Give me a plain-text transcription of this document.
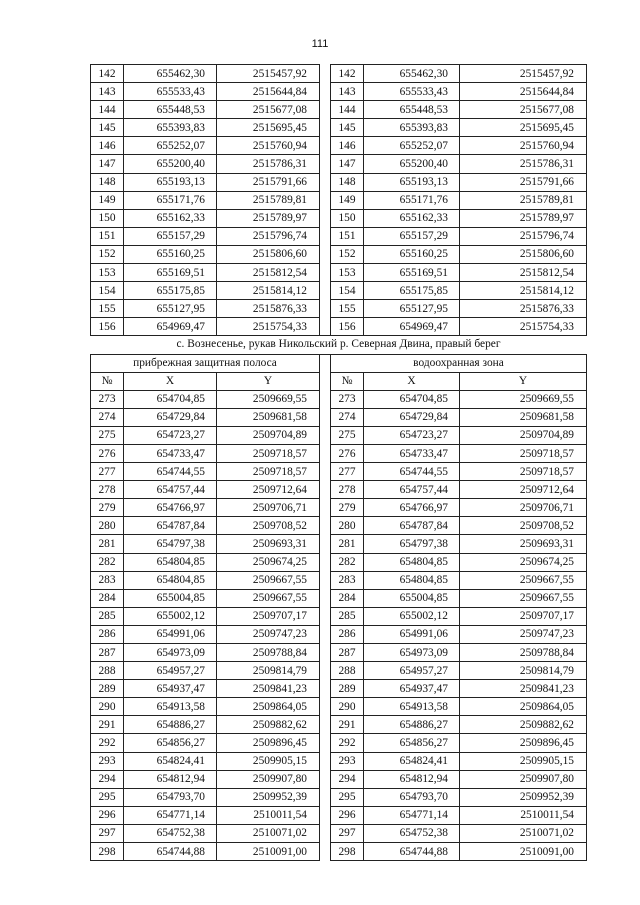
111
142	655462,30	2515457,92		142	655462,30	2515457,92
143	655533,43	2515644,84		143	655533,43	2515644,84
144	655448,53	2515677,08		144	655448,53	2515677,08
145	655393,83	2515695,45		145	655393,83	2515695,45
146	655252,07	2515760,94		146	655252,07	2515760,94
147	655200,40	2515786,31		147	655200,40	2515786,31
148	655193,13	2515791,66		148	655193,13	2515791,66
149	655171,76	2515789,81		149	655171,76	2515789,81
150	655162,33	2515789,97		150	655162,33	2515789,97
151	655157,29	2515796,74		151	655157,29	2515796,74
152	655160,25	2515806,60		152	655160,25	2515806,60
153	655169,51	2515812,54		153	655169,51	2515812,54
154	655175,85	2515814,12		154	655175,85	2515814,12
155	655127,95	2515876,33		155	655127,95	2515876,33
156	654969,47	2515754,33		156	654969,47	2515754,33

с. Вознесенье, рукав Никольский р. Северная Двина, правый берег						

прибрежная защитная полоса				водоохранная зона		
№	X	Y		№	X	Y
273	654704,85	2509669,55		273	654704,85	2509669,55
274	654729,84	2509681,58		274	654729,84	2509681,58
275	654723,27	2509704,89		275	654723,27	2509704,89
276	654733,47	2509718,57		276	654733,47	2509718,57
277	654744,55	2509718,57		277	654744,55	2509718,57
278	654757,44	2509712,64		278	654757,44	2509712,64
279	654766,97	2509706,71		279	654766,97	2509706,71
280	654787,84	2509708,52		280	654787,84	2509708,52
281	654797,38	2509693,31		281	654797,38	2509693,31
282	654804,85	2509674,25		282	654804,85	2509674,25
283	654804,85	2509667,55		283	654804,85	2509667,55
284	655004,85	2509667,55		284	655004,85	2509667,55
285	655002,12	2509707,17		285	655002,12	2509707,17
286	654991,06	2509747,23		286	654991,06	2509747,23
287	654973,09	2509788,84		287	654973,09	2509788,84
288	654957,27	2509814,79		288	654957,27	2509814,79
289	654937,47	2509841,23		289	654937,47	2509841,23
290	654913,58	2509864,05		290	654913,58	2509864,05
291	654886,27	2509882,62		291	654886,27	2509882,62
292	654856,27	2509896,45		292	654856,27	2509896,45
293	654824,41	2509905,15		293	654824,41	2509905,15
294	654812,94	2509907,80		294	654812,94	2509907,80
295	654793,70	2509952,39		295	654793,70	2509952,39
296	654771,14	2510011,54		296	654771,14	2510011,54
297	654752,38	2510071,02		297	654752,38	2510071,02
298	654744,88	2510091,00		298	654744,88	2510091,00
